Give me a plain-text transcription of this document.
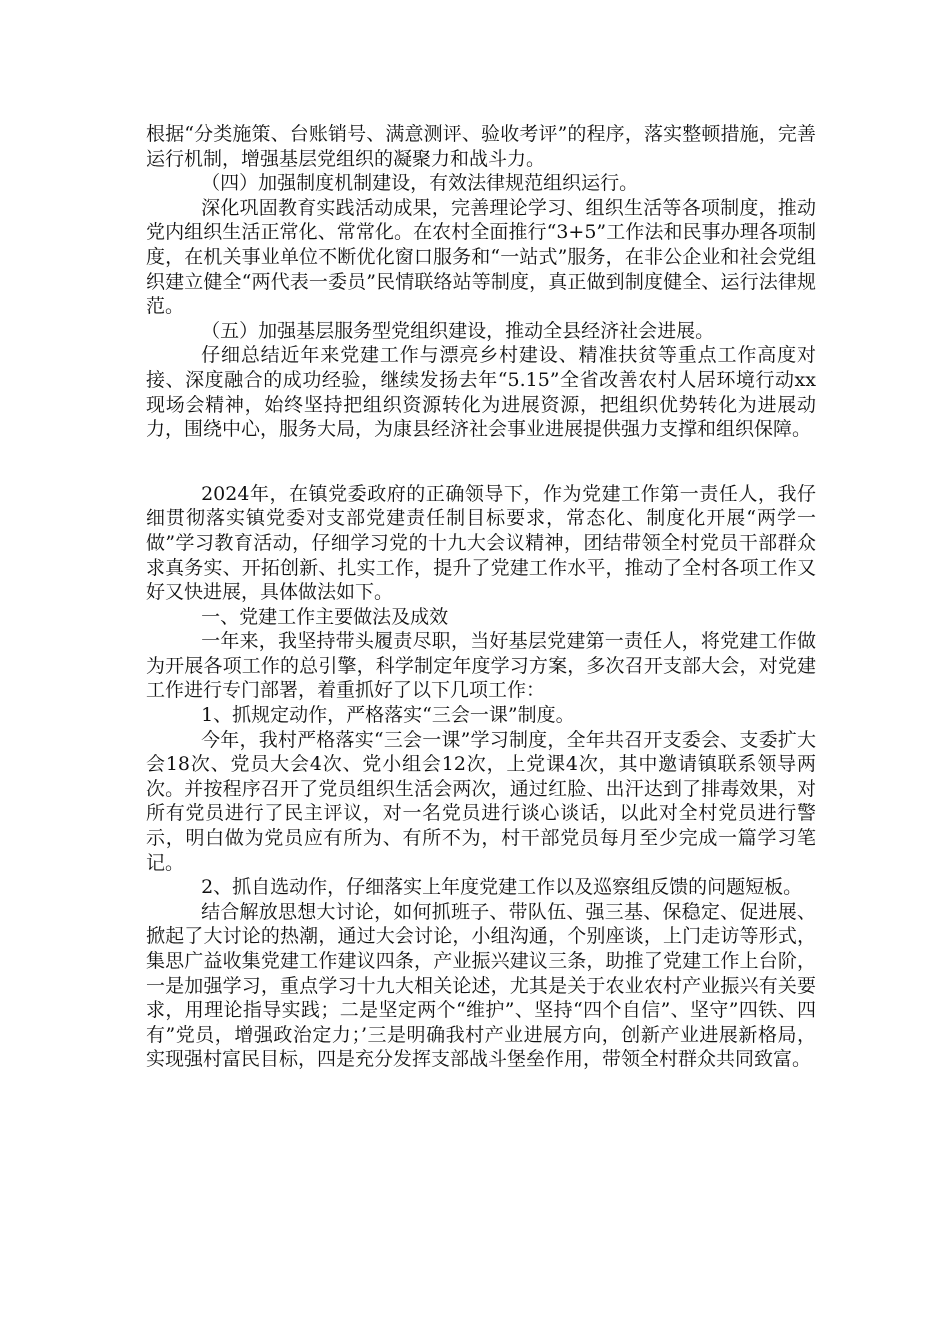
根据“分类施策、台账销号、满意测评、验收考评”的程序，落实整顿措施，完善运行机制，增强基层党组织的凝聚力和战斗力。

（四）加强制度机制建设，有效法律规范组织运行。

深化巩固教育实践活动成果，完善理论学习、组织生活等各项制度，推动党内组织生活正常化、常常化。在农村全面推行“3+5”工作法和民事办理各项制度，在机关事业单位不断优化窗口服务和“一站式”服务，在非公企业和社会党组织建立健全“两代表一委员”民情联络站等制度，真正做到制度健全、运行法律规范。

（五）加强基层服务型党组织建设，推动全县经济社会进展。

仔细总结近年来党建工作与漂亮乡村建设、精准扶贫等重点工作高度对接、深度融合的成功经验，继续发扬去年“5.15”全省改善农村人居环境行动xx现场会精神，始终坚持把组织资源转化为进展资源，把组织优势转化为进展动力，围绕中心，服务大局，为康县经济社会事业进展提供强力支撑和组织保障。

2024年，在镇党委政府的正确领导下，作为党建工作第一责任人，我仔细贯彻落实镇党委对支部党建责任制目标要求，常态化、制度化开展“两学一做”学习教育活动，仔细学习党的十九大会议精神，团结带领全村党员干部群众求真务实、开拓创新、扎实工作，提升了党建工作水平，推动了全村各项工作又好又快进展，具体做法如下。

一、党建工作主要做法及成效

一年来，我坚持带头履责尽职，当好基层党建第一责任人，将党建工作做为开展各项工作的总引擎，科学制定年度学习方案，多次召开支部大会，对党建工作进行专门部署，着重抓好了以下几项工作：

1、抓规定动作，严格落实“三会一课”制度。

今年，我村严格落实“三会一课”学习制度，全年共召开支委会、支委扩大会18次、党员大会4次、党小组会12次，上党课4次，其中邀请镇联系领导两次。并按程序召开了党员组织生活会两次，通过红脸、出汗达到了排毒效果，对所有党员进行了民主评议，对一名党员进行谈心谈话，以此对全村党员进行警示，明白做为党员应有所为、有所不为，村干部党员每月至少完成一篇学习笔记。

2、抓自选动作，仔细落实上年度党建工作以及巡察组反馈的问题短板。

结合解放思想大讨论，如何抓班子、带队伍、强三基、保稳定、促进展、掀起了大讨论的热潮，通过大会讨论，小组沟通，个别座谈，上门走访等形式，集思广益收集党建工作建议四条，产业振兴建议三条，助推了党建工作上台阶，一是加强学习，重点学习十九大相关论述，尤其是关于农业农村产业振兴有关要求，用理论指导实践；二是坚定两个“维护”、坚持“四个自信”、坚守”四铁、四有”党员，增强政治定力；’三是明确我村产业进展方向，创新产业进展新格局，实现强村富民目标，四是充分发挥支部战斗堡垒作用，带领全村群众共同致富。
